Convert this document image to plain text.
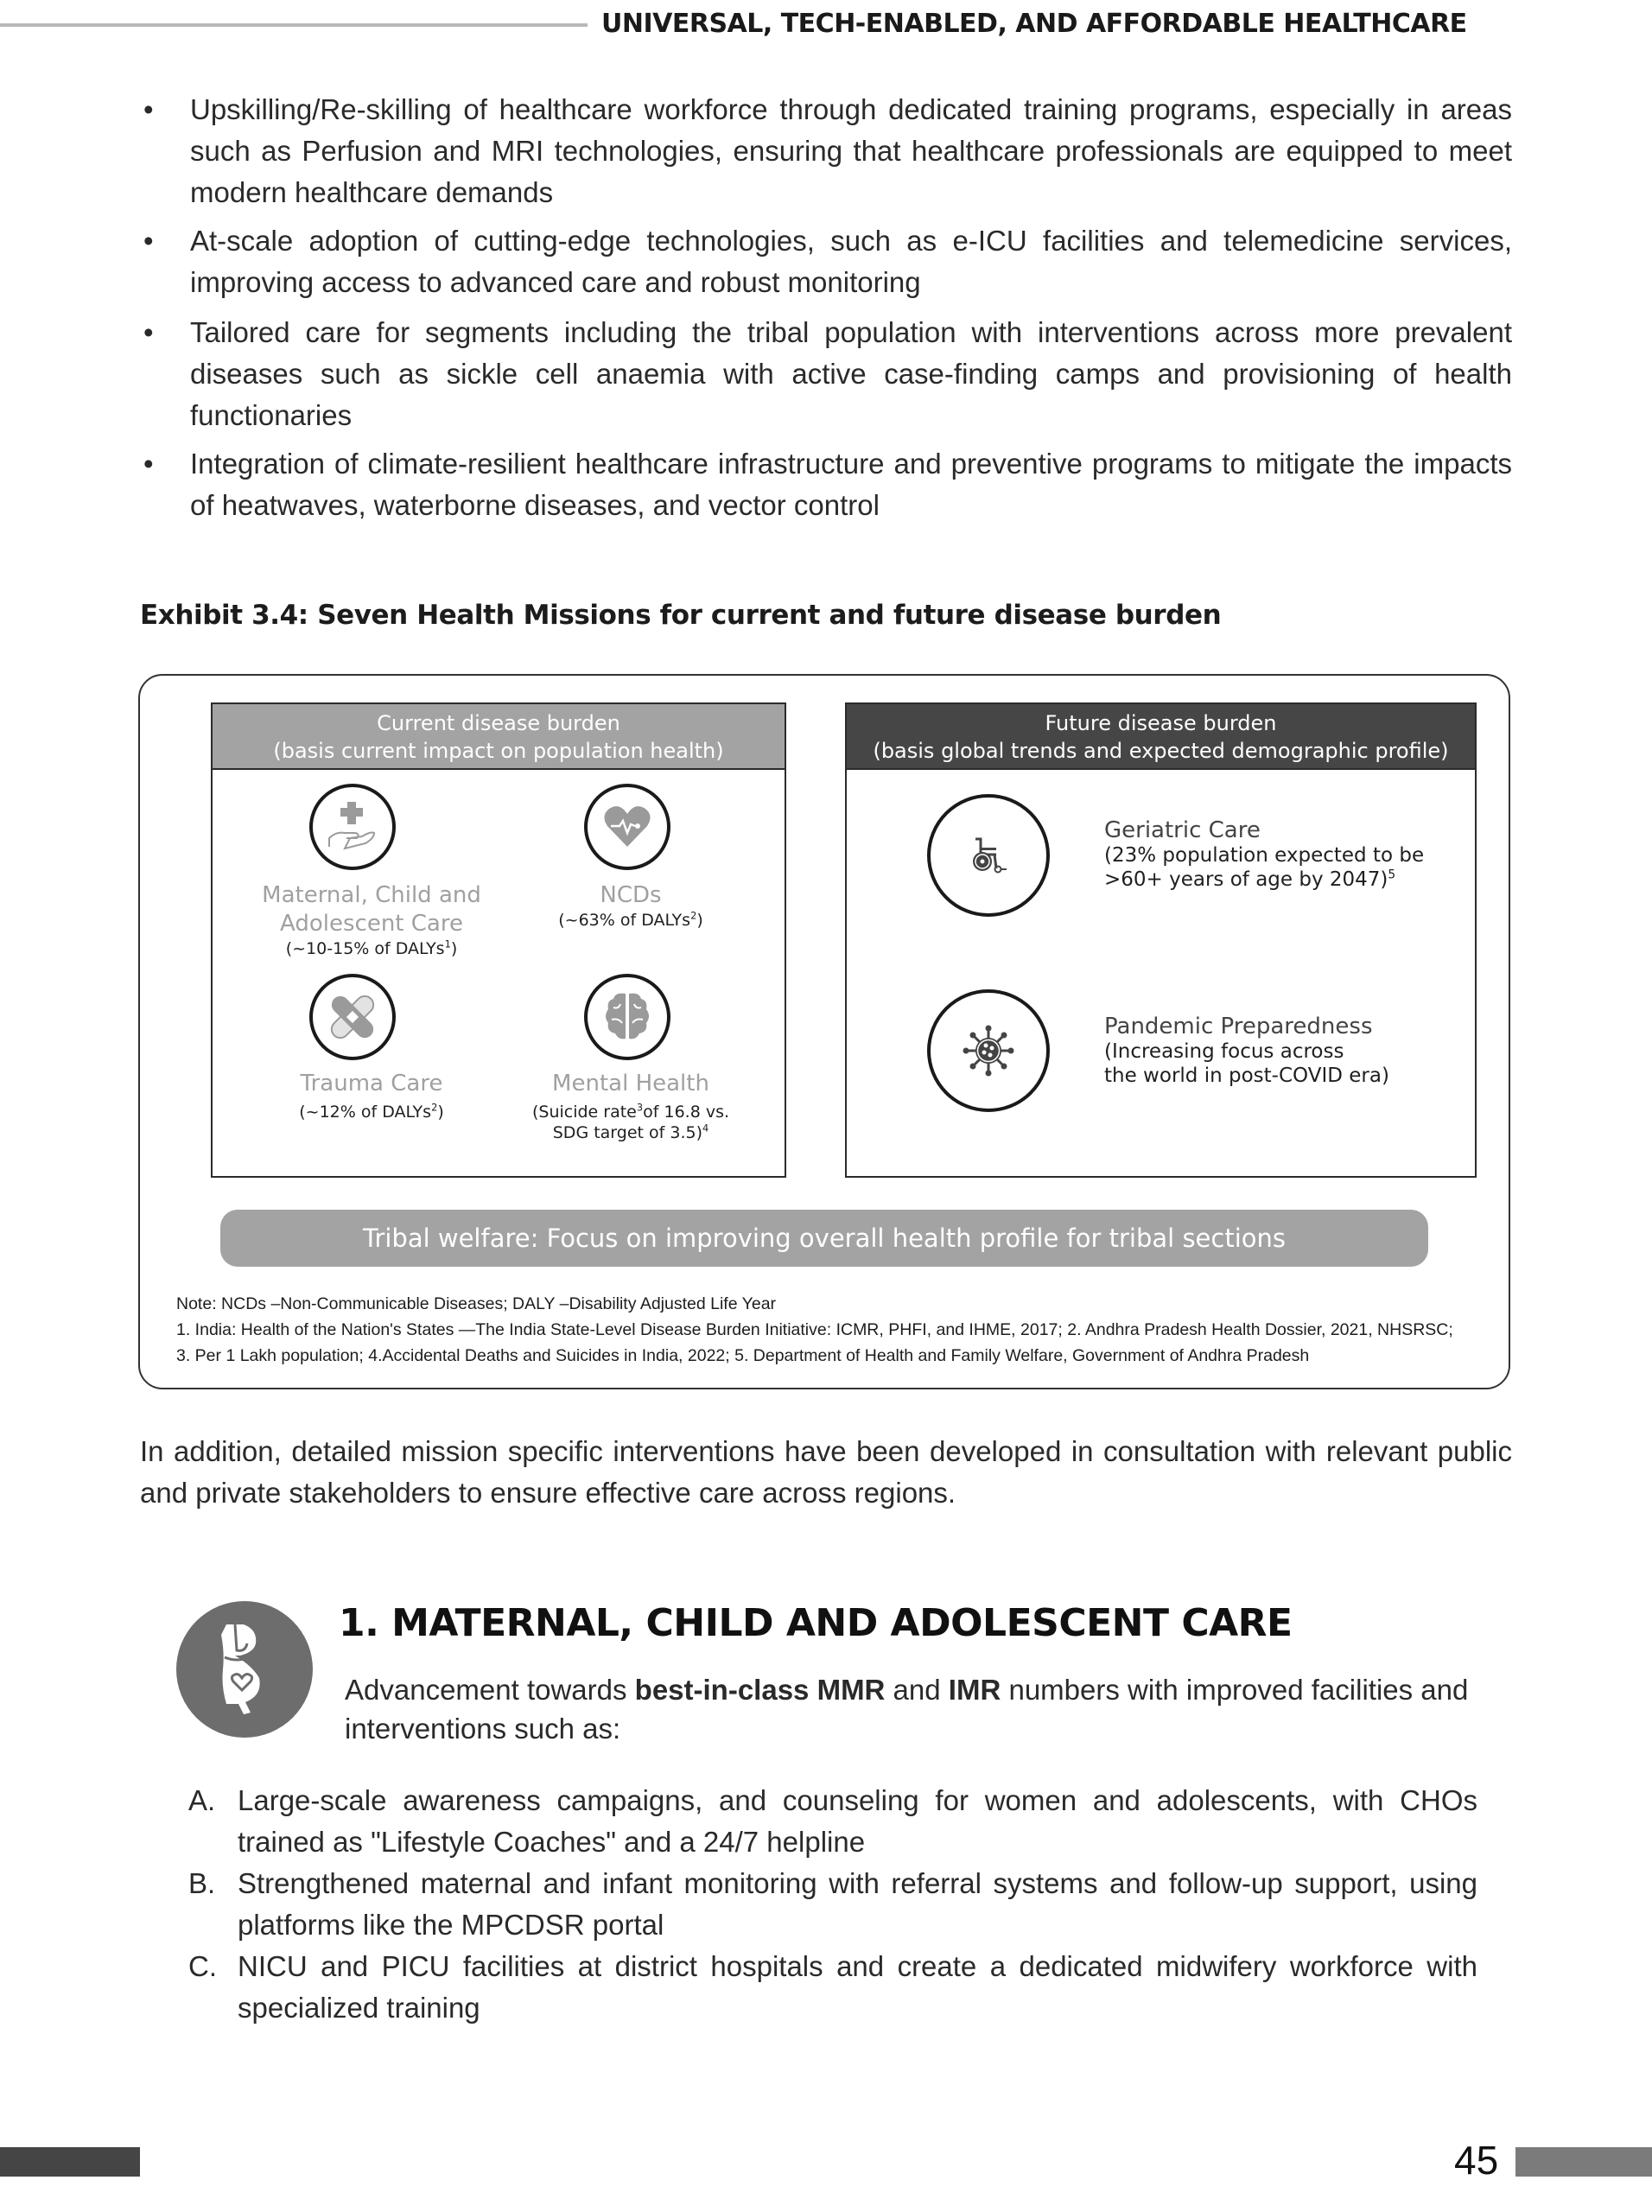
UNIVERSAL, TECH-ENABLED, AND AFFORDABLE HEALTHCARE
• Upskilling/Re-skilling of healthcare workforce through dedicated training programs, especially in areas such as Perfusion and MRI technologies, ensuring that healthcare professionals are equipped to meet modern healthcare demands
• At-scale adoption of cutting-edge technologies, such as e-ICU facilities and telemedicine services, improving access to advanced care and robust monitoring
• Tailored care for segments including the tribal population with interventions across more prevalent diseases such as sickle cell anaemia with active case-finding camps and provisioning of health functionaries
• Integration of climate-resilient healthcare infrastructure and preventive programs to mitigate the impacts of heatwaves, waterborne diseases, and vector control
Exhibit 3.4: Seven Health Missions for current and future disease burden
Current disease burden
(basis current impact on population health)
Maternal, Child and
Adolescent Care
(~10-15% of DALYs$^1$)
NCDs
(~63% of DALYs$^2$)
Trauma Care
(~12% of DALYs$^2$)
Mental Health
(Suicide rate$^3$of 16.8 vs.
SDG target of 3.5)$^4$
Future disease burden
(basis global trends and expected demographic profile)
Geriatric Care
(23% population expected to be
>60+ years of age by 2047)$^5$
Pandemic Preparedness
(Increasing focus across
the world in post-COVID era)
Tribal welfare: Focus on improving overall health profile for tribal sections
Note: NCDs –Non-Communicable Diseases; DALY –Disability Adjusted Life Year
1. India: Health of the Nation's States —The India State-Level Disease Burden Initiative: ICMR, PHFI, and IHME, 2017; 2. Andhra Pradesh Health Dossier, 2021, NHSRSC;
3. Per 1 Lakh population; 4.Accidental Deaths and Suicides in India, 2022; 5. Department of Health and Family Welfare, Government of Andhra Pradesh
In addition, detailed mission specific interventions have been developed in consultation with relevant public and private stakeholders to ensure effective care across regions.
1. MATERNAL, CHILD AND ADOLESCENT CARE
Advancement towards best-in-class MMR and IMR numbers with improved facilities and interventions such as:
A. Large-scale awareness campaigns, and counseling for women and adolescents, with CHOs trained as "Lifestyle Coaches" and a 24/7 helpline
B. Strengthened maternal and infant monitoring with referral systems and follow-up support, using platforms like the MPCDSR portal
C. NICU and PICU facilities at district hospitals and create a dedicated midwifery workforce with specialized training
45
